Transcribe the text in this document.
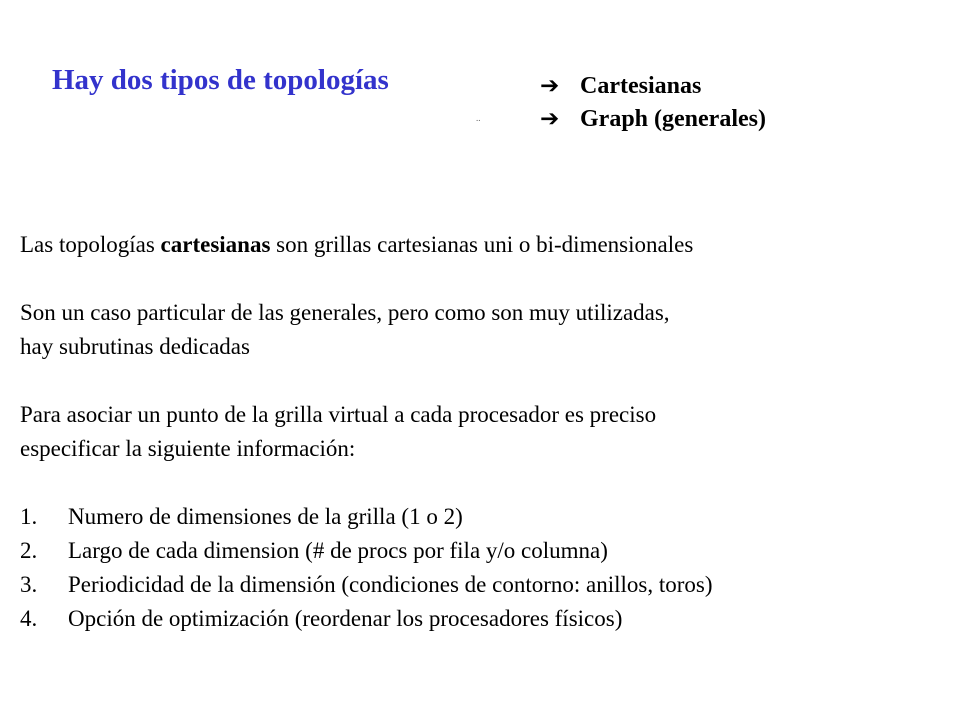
Hay dos tipos de topologías
..
➔ Cartesianas
➔ Graph (generales)

Las topologías cartesianas son grillas cartesianas uni o bi-dimensionales

Son un caso particular de las generales, pero como son muy utilizadas,
hay subrutinas dedicadas

Para asociar un punto de la grilla virtual a cada procesador es preciso
especificar la siguiente información:

1.	Numero de dimensiones de la grilla (1 o 2)
2.	Largo de cada dimension (# de procs por fila y/o columna)
3.	Periodicidad de la dimensión (condiciones de contorno: anillos, toros)
4.	Opción de optimización (reordenar los procesadores físicos)
